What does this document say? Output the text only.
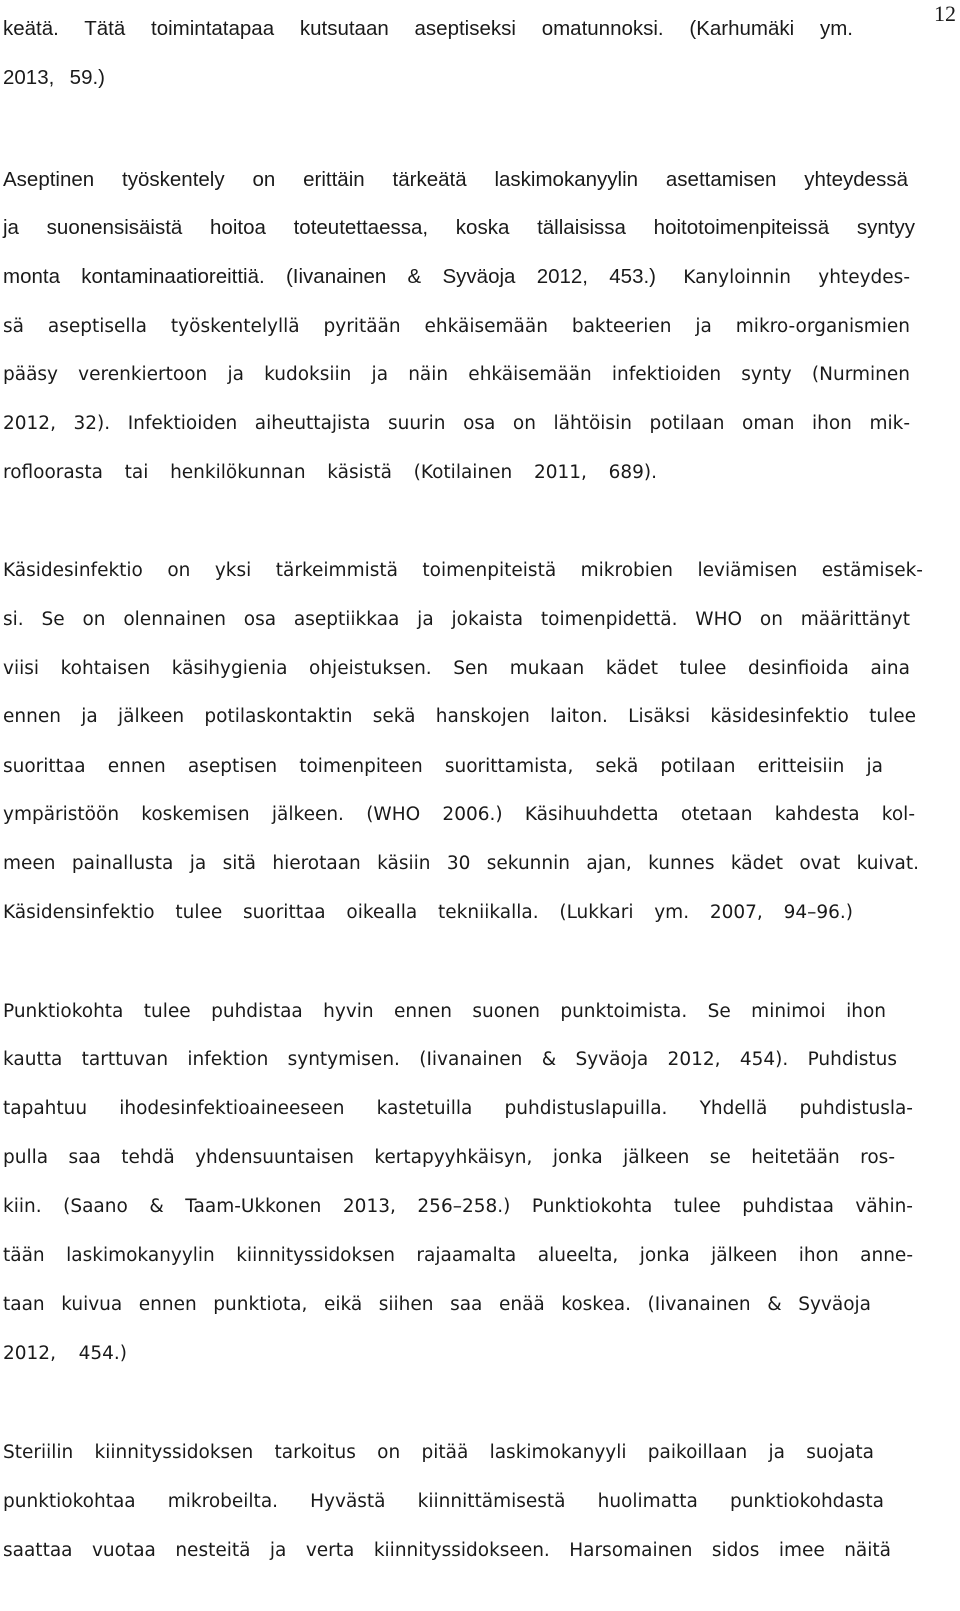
12
keätä. Tätä toimintatapaa kutsutaan aseptiseksi omatunnoksi. (Karhumäki ym.
2013, 59.)
Aseptinen työskentely on erittäin tärkeätä laskimokanyylin asettamisen yhteydessä
ja suonensisäistä hoitoa toteutettaessa, koska tällaisissa hoitotoimenpiteissä syntyy
monta kontaminaatioreittiä. (Iivanainen & Syväoja 2012, 453.) Kanyloinnin yhteydes-
sä aseptisella työskentelyllä pyritään ehkäisemään bakteerien ja mikro-organismien
pääsy verenkiertoon ja kudoksiin ja näin ehkäisemään infektioiden synty (Nurminen
2012, 32). Infektioiden aiheuttajista suurin osa on lähtöisin potilaan oman ihon mik-
rofloorasta tai henkilökunnan käsistä (Kotilainen 2011, 689).
Käsidesinfektio on yksi tärkeimmistä toimenpiteistä mikrobien leviämisen estämisek-
si. Se on olennainen osa aseptiikkaa ja jokaista toimenpidettä. WHO on määrittänyt
viisi kohtaisen käsihygienia ohjeistuksen. Sen mukaan kädet tulee desinfioida aina
ennen ja jälkeen potilaskontaktin sekä hanskojen laiton. Lisäksi käsidesinfektio tulee
suorittaa ennen aseptisen toimenpiteen suorittamista, sekä potilaan eritteisiin ja
ympäristöön koskemisen jälkeen. (WHO 2006.) Käsihuuhdetta otetaan kahdesta kol-
meen painallusta ja sitä hierotaan käsiin 30 sekunnin ajan, kunnes kädet ovat kuivat.
Käsidensinfektio tulee suorittaa oikealla tekniikalla. (Lukkari ym. 2007, 94–96.)
Punktiokohta tulee puhdistaa hyvin ennen suonen punktoimista. Se minimoi ihon
kautta tarttuvan infektion syntymisen. (Iivanainen & Syväoja 2012, 454). Puhdistus
tapahtuu ihodesinfektioaineeseen kastetuilla puhdistuslapuilla. Yhdellä puhdistusla-
pulla saa tehdä yhdensuuntaisen kertapyyhkäisyn, jonka jälkeen se heitetään ros-
kiin. (Saano & Taam-Ukkonen 2013, 256–258.) Punktiokohta tulee puhdistaa vähin-
tään laskimokanyylin kiinnityssidoksen rajaamalta alueelta, jonka jälkeen ihon anne-
taan kuivua ennen punktiota, eikä siihen saa enää koskea. (Iivanainen & Syväoja
2012, 454.)
Steriilin kiinnityssidoksen tarkoitus on pitää laskimokanyyli paikoillaan ja suojata
punktiokohtaa mikrobeilta. Hyvästä kiinnittämisestä huolimatta punktiokohdasta
saattaa vuotaa nesteitä ja verta kiinnityssidokseen. Harsomainen sidos imee näitä
